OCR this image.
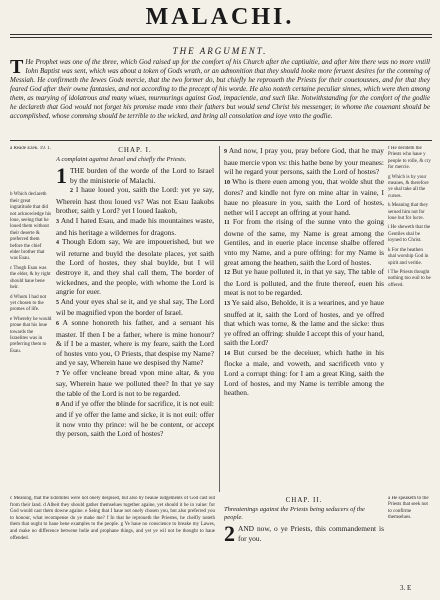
MALACHI.
THE ARGUMENT.
T He Prophet was one of the three, which God raised up for the comfort of his Church after the captiuitie, and after him there was no more vntill Iohn Baptist was sent, which was about a token of Gods wrath, or an admonition that they should looke more feruent desires for the comming of Messiah. He confirmeth the Iewes Gods mercie, that the two former do, but chiefly he reproueth the Priests for their couetousnes, and for that they feared God after their owne fantasies, and not according to the precept of his worde. He also noteth certaine peculiar sinnes, which were then among them, as marying of idolatrous and many wiues, murmurings against God, impacientie, and such like. Notwithstanding for the comfort of the godlie he declareth that God would not forget his promise made vnto their fathers but would send Christ his messenger, in whome the couenant should be accomplished, whose comming should be terrible to the wicked, and bring all consolation and ioye vnto the godlie.
a Reade Ezek. 19. 1.
b Which declareth their great ingratitude that did not acknowledge his loue, seeing that he loued them without their deserte & preferred them before the chief elder brother that was Esau.
c Thogh Esau was the elder, & by right should haue bene heir.
d Whom I had not yet chosen to the promes of life.
e Whereby he would proue that his loue towards the Israelites was in preferring them to Esau.
CHAP. I.
A complaint against Israel and chiefly the Priests.

1 THE burden of the worde of the Lord to Israel by the ministerie of Malachi.

2 I haue loued you, saith the Lord: yet ye say, Wherein hast thou loued vs? Was not Esau Iaakobs brother, saith y Lord? yet I loued Iaakob,

3 And I hated Esau, and made his mountaines waste, and his heritage a wildernes for dragons.

4 Though Edom say, We are impouerished, but we wil returne and buyld the desolate places, yet saith the Lord of hostes, they shal buylde, but I wil destroye it, and they shal call them, The border of wickednes, and the people, with whome the Lord is angrie for euer.

5 And your eyes shal se it, and ye shal say, The Lord wil be magnified vpon the border of Israel.

6 A sonne honoreth his father, and a seruant his master. If then I be a father, where is mine honour? & if I be a master, where is my feare, saith the Lord of hostes vnto you, O Priests, that despise my Name? and ye say, Wherein haue we despised thy Name?

7 Ye offer vncleane bread vpon mine altar, & you say, Wherein haue we polluted thee? In that ye say the table of the Lord is not to be regarded.

8 And if ye offer the blinde for sacrifice, it is not euil: and if ye offer the lame and sicke, it is not euil: offer it now vnto thy prince: wil he be content, or accept thy person, saith the Lord of hostes?

9 And now, I pray you, pray before God, that he may haue mercie vpon vs: this hathe bene by your meanes: wil he regard your persons, saith the Lord of hostes?

10 Who is there euen among you, that wolde shut the dores? and kindle not fyre on mine altar in vaine, I haue no pleasure in you, saith the Lord of hostes, nether wil I accept an offring at your hand.

11 For from the rising of the sunne vnto the going downe of the same, my Name is great among the Gentiles, and in euerie place incense shalbe offered vnto my Name, and a pure offring: for my Name is great among the heathen, saith the Lord of hostes.

12 But ye haue polluted it, in that ye say, The table of the Lord is polluted, and the frute thereof, euen his meat is not to be regarded.

13 Ye said also, Beholde, it is a wearines, and ye haue snuffed at it, saith the Lord of hostes, and ye offred that which was torne, & the lame and the sicke: thus ye offred an offring: shulde I accept this of your hand, saith the Lord?

14 But cursed be the deceiuer, which hathe in his flocke a male, and voweth, and sacrificeth vnto y Lord a corrupt thing: for I am a great King, saith the Lord of hostes, and my Name is terrible among the heathen.

f He derideth the Priests who haue y people to rolle, & cry for mercie.
g Which is by your meanes, & therefore ye shal take all the curses.
h Meaning that they serued him not for loue but for lucre.
i He sheweth that the Gentiles shal be ioyned to Christ.
k For the heathen shal worship God in spirit and veritie.
l The Priests thought nothing too euil to be offered.
c Meaning, that the Edomites were not onely despised, but also by heauie iudgements of God cast out from their land. d Albeit they should gather themselues together againe, yet should it be in vaine: for God would cast them downe againe. e Seing that I haue not onely chosen you, but also preferred you to honour, what recompense do ye make me? f In that he reproueth the Priestes, he cheifly noteth them that ought to haue bene examples to the people. g Ye haue no conscience to breake my Lawes, and make no difference betwene holie and prophane things, and yet ye wil not be thought to haue offended.
CHAP. II.
Threatenings against the Priests being seducers of the people.

2 AND now, o ye Priests, this commandement is for you.

a He speaketh to the Priests that seek not to confirme themselues.
3. E
